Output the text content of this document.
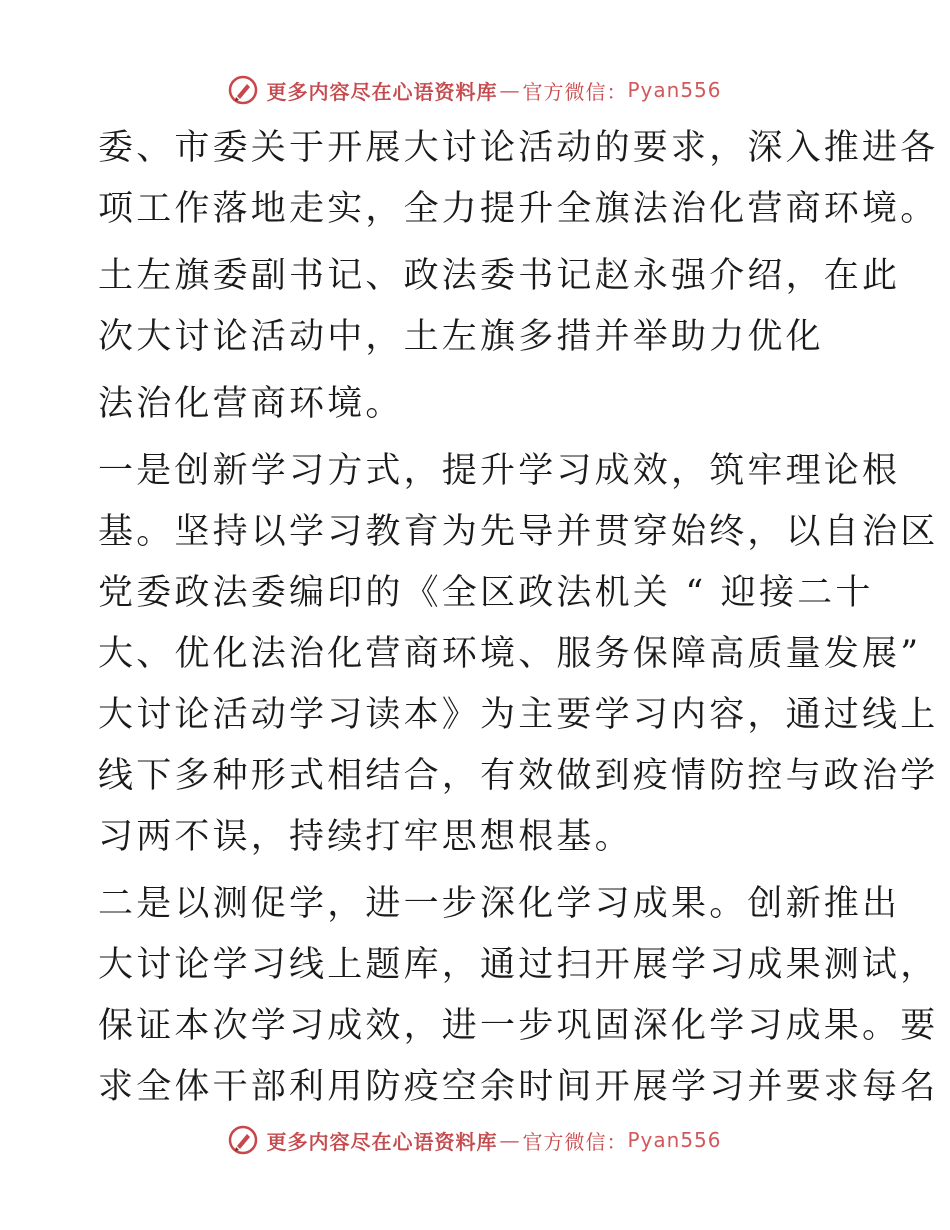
更多内容尽在心语资料库 — 官方微信： Pyan556

委、市委关于开展大讨论活动的要求，深入推进各
项工作落地走实，全力提升全旗法治化营商环境。

土左旗委副书记、政法委书记赵永强介绍，在此
次大讨论活动中，土左旗多措并举助力优化

法治化营商环境。

一是创新学习方式，提升学习成效，筑牢理论根
基。坚持以学习教育为先导并贯穿始终，以自治区
党委政法委编印的《全区政法机关 “ 迎接二十
大、优化法治化营商环境、服务保障高质量发展”
大讨论活动学习读本》为主要学习内容，通过线上
线下多种形式相结合，有效做到疫情防控与政治学
习两不误，持续打牢思想根基。

二是以测促学，进一步深化学习成果。创新推出
大讨论学习线上题库，通过扫开展学习成果测试，
保证本次学习成效，进一步巩固深化学习成果。要
求全体干部利用防疫空余时间开展学习并要求每名

更多内容尽在心语资料库 — 官方微信： Pyan556
